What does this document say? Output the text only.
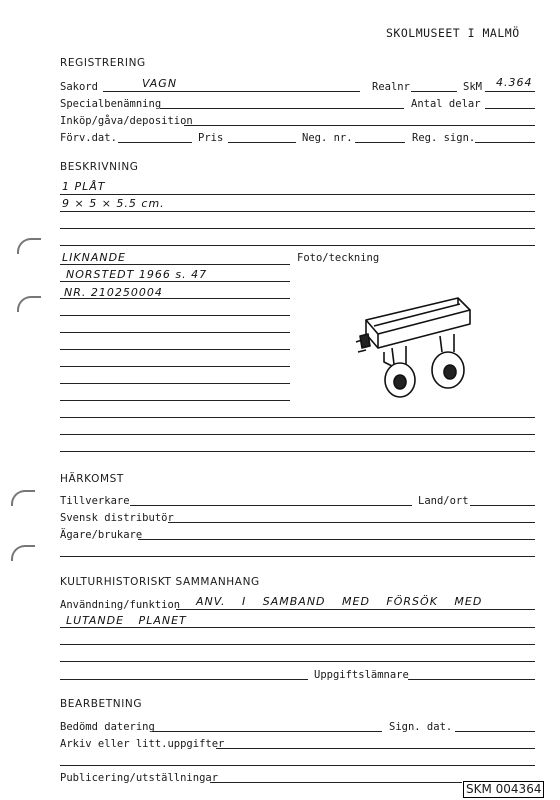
SKOLMUSEET I MALMÖ
REGISTRERING
Sakord	VAGN	Realnr	SkM 4.364
Specialbenämning	Antal delar
Inköp/gåva/deposition
Förv.dat.	Pris	Neg. nr.	Reg. sign.
BESKRIVNING
1 PLÅT
9 × 5 × 5.5 cm.
LIKNANDE
NORSTEDT 1966 s. 47
NR. 210250004
Foto/teckning
HÄRKOMST
Tillverkare	Land/ort
Svensk distributör
Ägare/brukare
KULTURHISTORISKT SAMMANHANG
Användning/funktion ANV. I SAMBAND MED FÖRSÖK MED
LUTANDE PLANET
Uppgiftslämnare
BEARBETNING
Bedömd datering	Sign. dat.
Arkiv eller litt.uppgifter
Publicering/utställningar
SKM 004364
